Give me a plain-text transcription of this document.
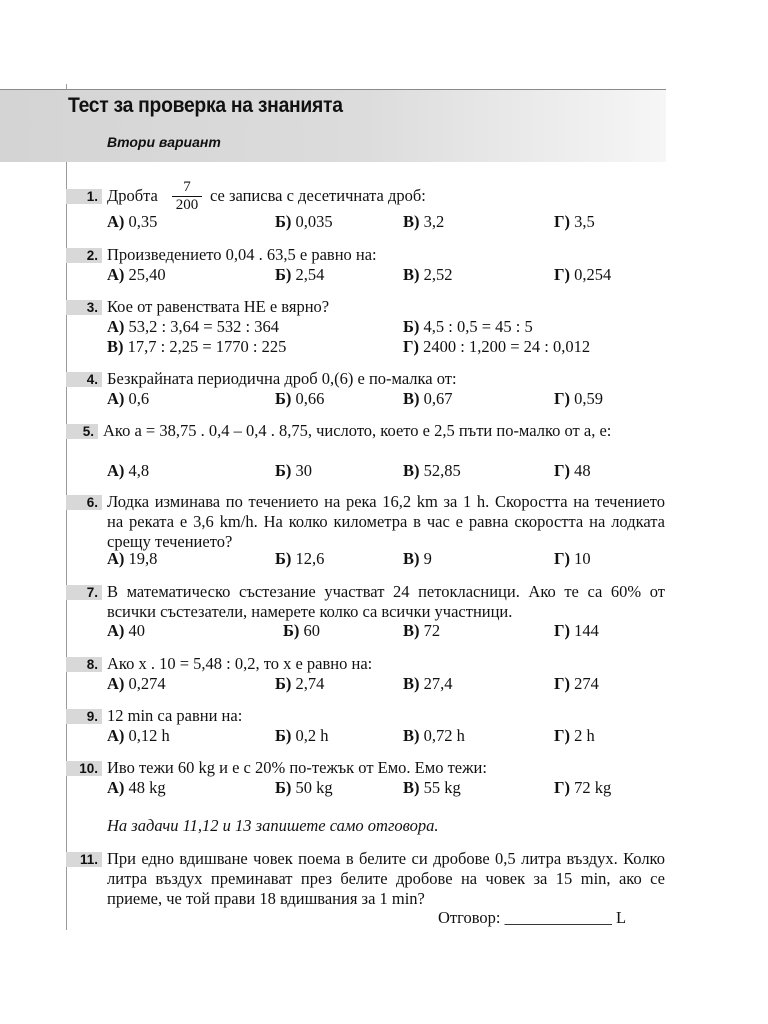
Тест за проверка на знанията
Втори вариант
1. Дробта $\frac{7}{200}$ се записва с десетичната дроб:
А) 0,35	Б) 0,035	В) 3,2	Г) 3,5
2. Произведението 0,04 . 63,5 е равно на:
А) 25,40	Б) 2,54	В) 2,52	Г) 0,254
3. Кое от равенствата НЕ е вярно?
А) 53,2 : 3,64 = 532 : 364	Б) 4,5 : 0,5 = 45 : 5
В) 17,7 : 2,25 = 1770 : 225	Г) 2400 : 1,200 = 24 : 0,012
4. Безкрайната периодична дроб 0,(6) е по-малка от:
А) 0,6	Б) 0,66	В) 0,67	Г) 0,59
5. Ако a = 38,75 . 0,4 – 0,4 . 8,75, числото, което е 2,5 пъти по-малко от a, е:
А) 4,8	Б) 30	В) 52,85	Г) 48
6. Лодка изминава по течението на река 16,2 km за 1 h. Скоростта на течението на реката е 3,6 km/h. На колко километра в час е равна скоростта на лодката срещу течението?
А) 19,8	Б) 12,6	В) 9	Г) 10
7. В математическо състезание участват 24 петокласници. Ако те са 60% от всички състезатели, намерете колко са всички участници.
А) 40	Б) 60	В) 72	Г) 144
8. Ако x . 10 = 5,48 : 0,2, то x е равно на:
А) 0,274	Б) 2,74	В) 27,4	Г) 274
9. 12 min са равни на:
А) 0,12 h	Б) 0,2 h	В) 0,72 h	Г) 2 h
10. Иво тежи 60 kg и е с 20% по-тежък от Емо. Емо тежи:
А) 48 kg	Б) 50 kg	В) 55 kg	Г) 72 kg
На задачи 11,12 и 13 запишете само отговора.
11. При едно вдишване човек поема в белите си дробове 0,5 литра въздух. Колко литра въздух преминават през белите дробове на човек за 15 min, ако се приеме, че той прави 18 вдишвания за 1 min?
Отговор: _____________ L
